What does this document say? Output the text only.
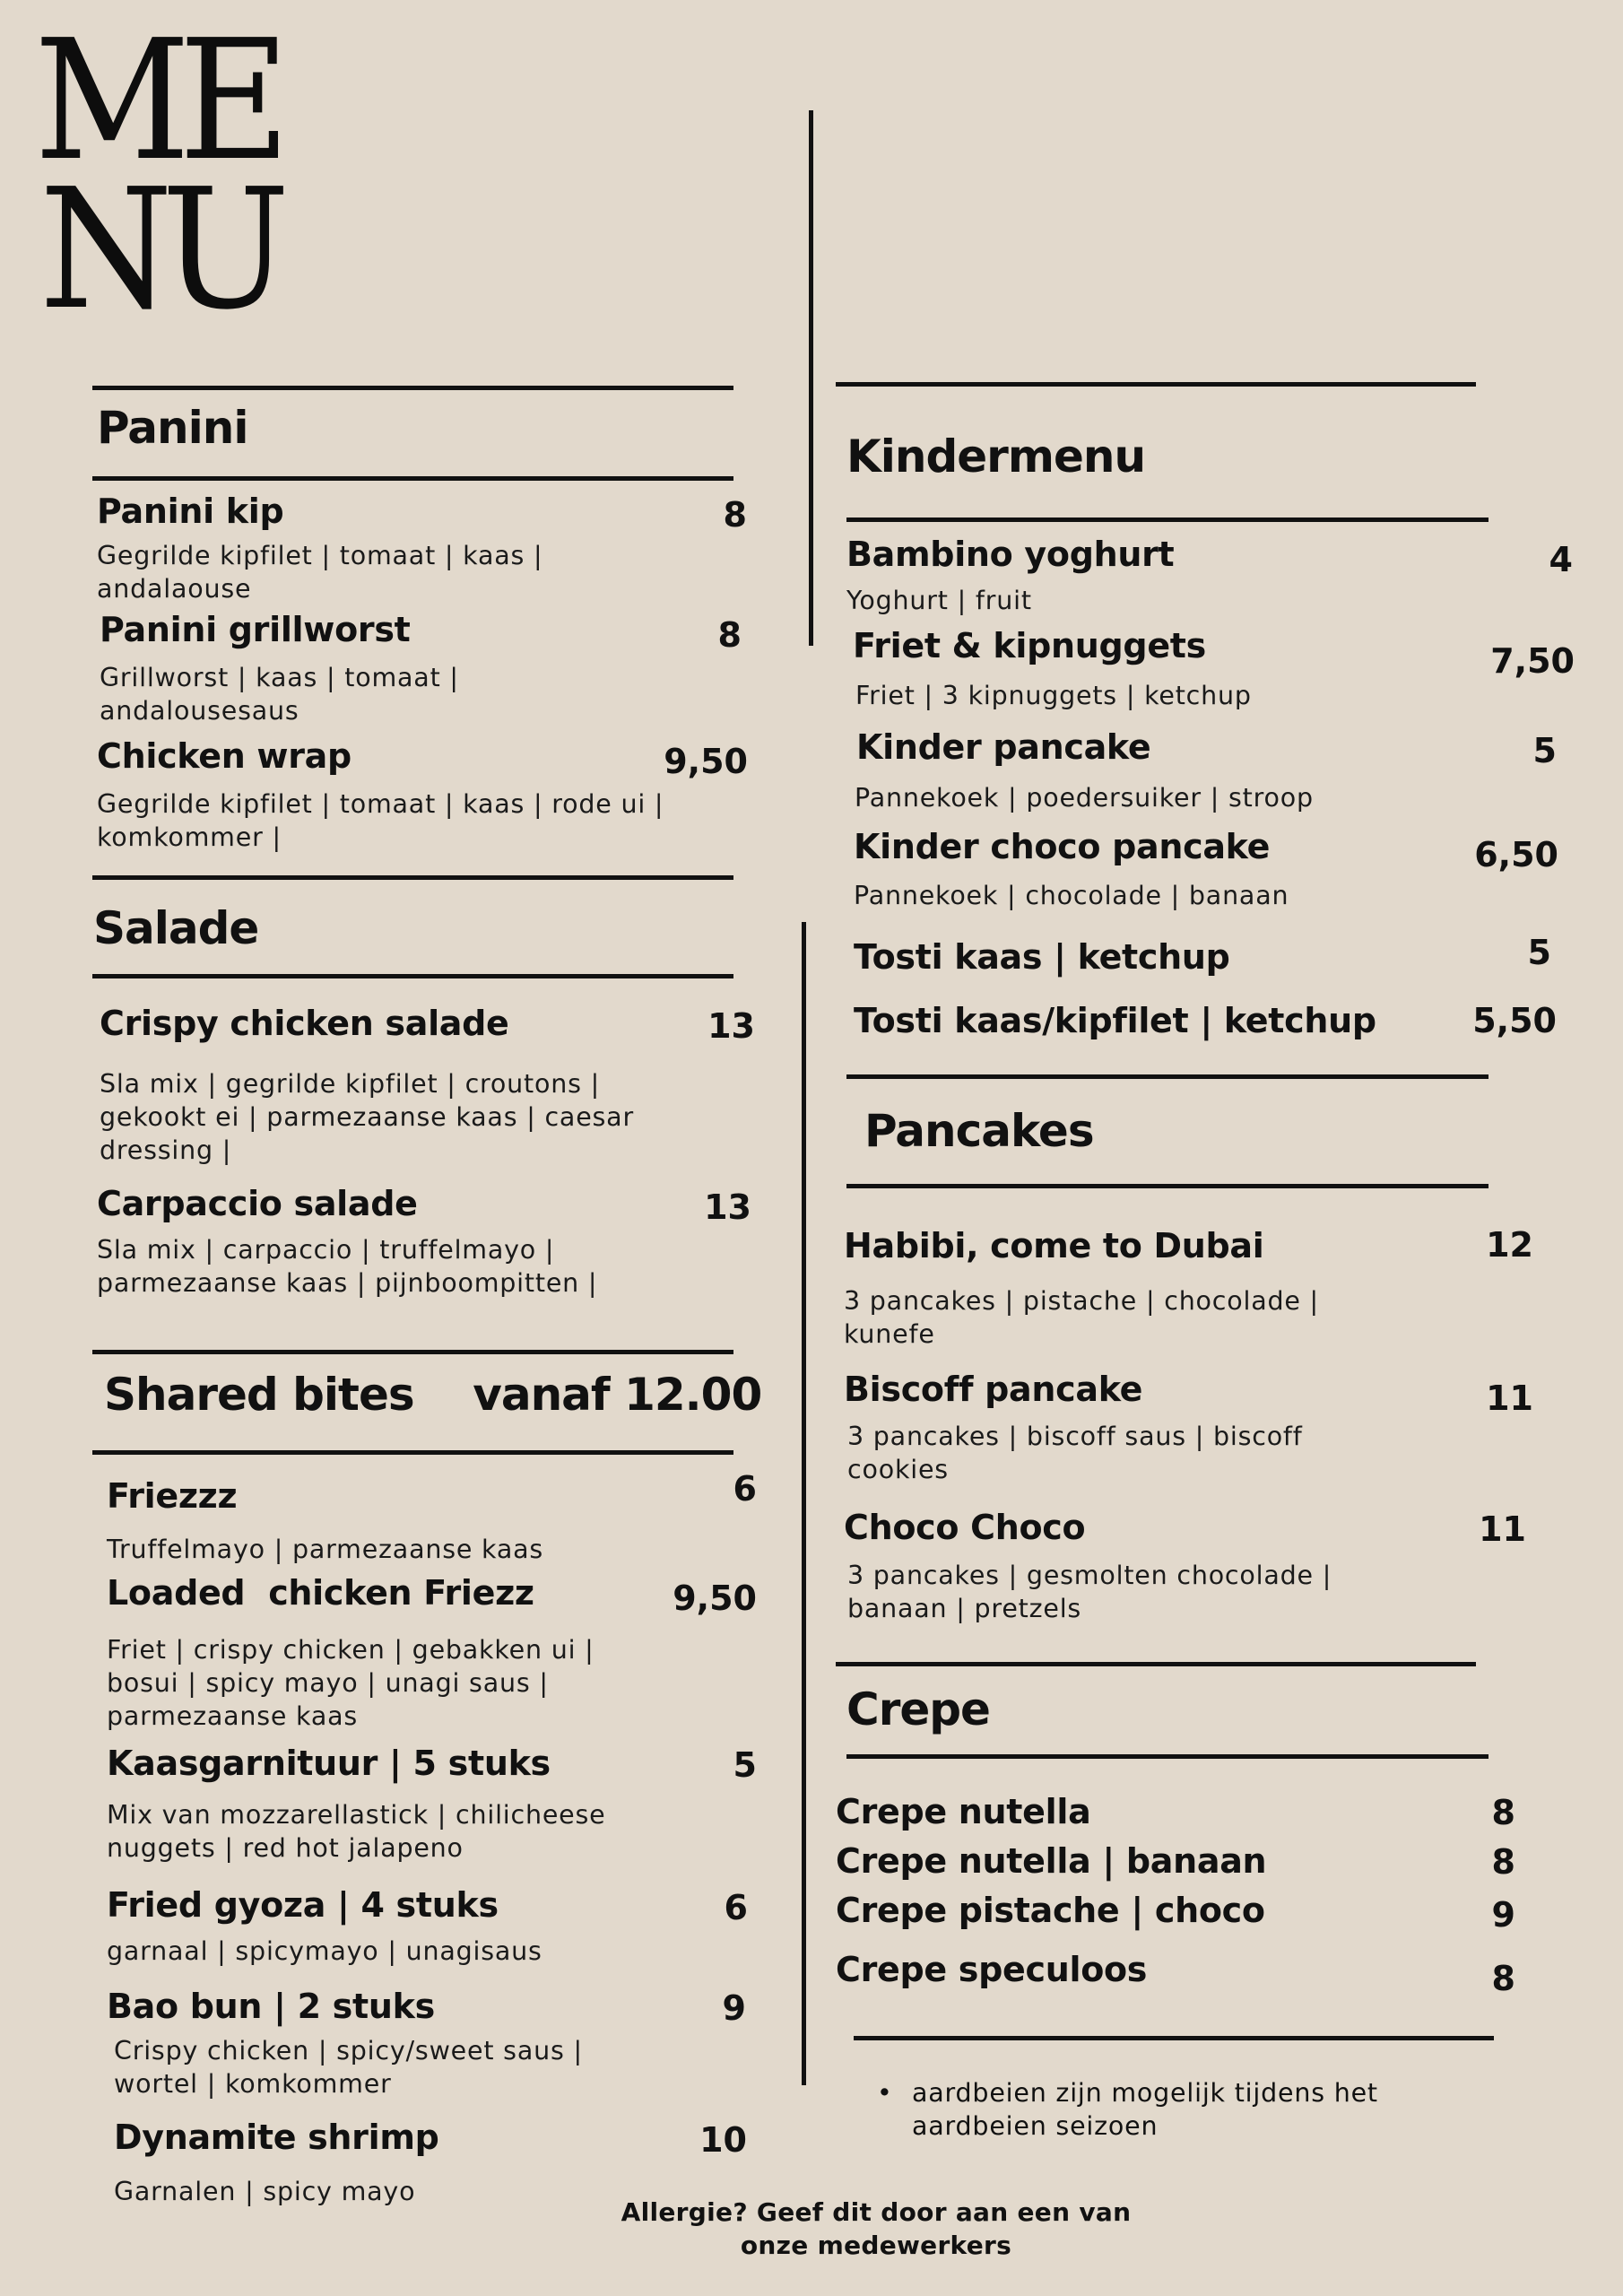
ME
NU
Panini
Panini kip	8
Gegrilde kipfilet | tomaat | kaas | andalaouse
Panini grillworst	8
Grillworst | kaas | tomaat | andalousesaus
Chicken wrap	9,50
Gegrilde kipfilet | tomaat | kaas | rode ui | komkommer |
Salade
Crispy chicken salade	13
Sla mix | gegrilde kipfilet | croutons | gekookt ei | parmezaanse kaas | caesar dressing |
Carpaccio salade	13
Sla mix | carpaccio | truffelmayo | parmezaanse kaas | pijnboompitten |
Shared bites    vanaf 12.00
Friezzz	6
Truffelmayo | parmezaanse kaas
Loaded  chicken Friezz	9,50
Friet | crispy chicken | gebakken ui | bosui | spicy mayo | unagi saus | parmezaanse kaas
Kaasgarnituur | 5 stuks	5
Mix van mozzarellastick | chilicheese nuggets | red hot jalapeno
Fried gyoza | 4 stuks	6
garnaal | spicymayo | unagisaus
Bao bun | 2 stuks	9
Crispy chicken | spicy/sweet saus | wortel | komkommer
Dynamite shrimp	10
Garnalen | spicy mayo
Kindermenu
Bambino yoghurt	4
Yoghurt | fruit
Friet & kipnuggets	7,50
Friet | 3 kipnuggets | ketchup
Kinder pancake	5
Pannekoek | poedersuiker | stroop
Kinder choco pancake	6,50
Pannekoek | chocolade | banaan
Tosti kaas | ketchup	5
Tosti kaas/kipfilet | ketchup	5,50
Pancakes
Habibi, come to Dubai	12
3 pancakes | pistache | chocolade | kunefe
Biscoff pancake	11
3 pancakes | biscoff saus | biscoff cookies
Choco Choco	11
3 pancakes | gesmolten chocolade | banaan | pretzels
Crepe
Crepe nutella	8
Crepe nutella | banaan	8
Crepe pistache | choco	9
Crepe speculoos	8
• aardbeien zijn mogelijk tijdens het aardbeien seizoen
Allergie? Geef dit door aan een van
onze medewerkers
